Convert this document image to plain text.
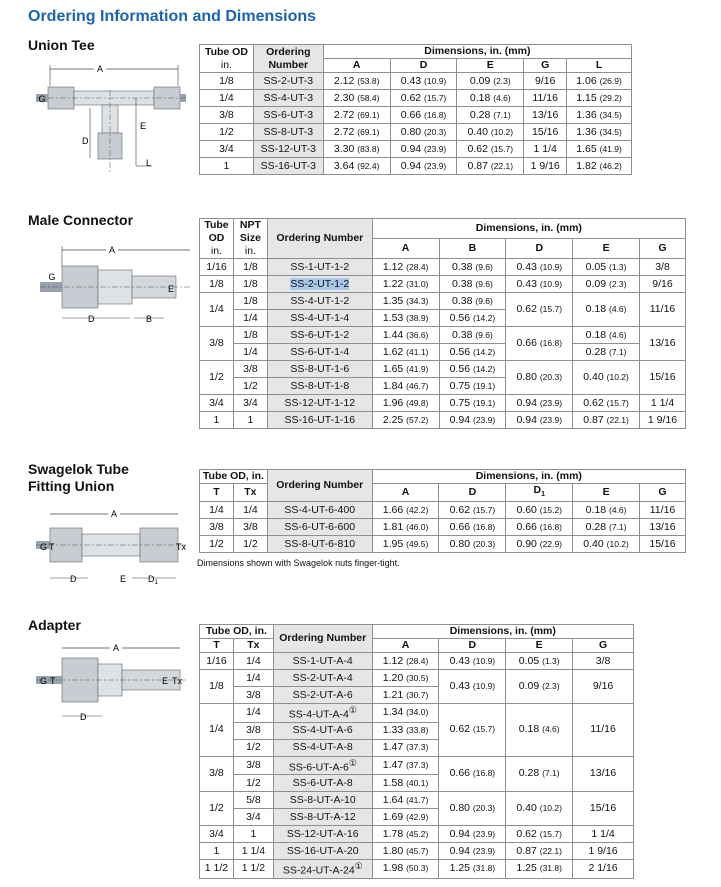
Ordering Information and Dimensions
Union Tee
A
G
E
D
L
Tube OD
in.	Ordering Number	Dimensions, in. (mm)				
		A	D	E	G	L
1/8	SS-2-UT-3	2.12 (53.8)	0.43 (10.9)	0.09 (2.3)	9/16	1.06 (26.9)
1/4	SS-4-UT-3	2.30 (58.4)	0.62 (15.7)	0.18 (4.6)	11/16	1.15 (29.2)
3/8	SS-6-UT-3	2.72 (69.1)	0.66 (16.8)	0.28 (7.1)	13/16	1.36 (34.5)
1/2	SS-8-UT-3	2.72 (69.1)	0.80 (20.3)	0.40 (10.2)	15/16	1.36 (34.5)
3/4	SS-12-UT-3	3.30 (83.8)	0.94 (23.9)	0.62 (15.7)	1 1/4	1.65 (41.9)
1	SS-16-UT-3	3.64 (92.4)	0.94 (23.9)	0.87 (22.1)	1 9/16	1.82 (46.2)
Male Connector
A
G
E
D	B
Tube OD
in.	NPT Size
in.	Ordering Number	Dimensions, in. (mm)				
			A	B	D	E	G
1/16	1/8	SS-1-UT-1-2	1.12 (28.4)	0.38 (9.6)	0.43 (10.9)	0.05 (1.3)	3/8
1/8	1/8	SS-2-UT-1-2	1.22 (31.0)	0.38 (9.6)	0.43 (10.9)	0.09 (2.3)	9/16
1/4	1/8	SS-4-UT-1-2	1.35 (34.3)	0.38 (9.6)	0.62 (15.7)	0.18 (4.6)	11/16
	1/4	SS-4-UT-1-4	1.53 (38.9)	0.56 (14.2)			
3/8	1/8	SS-6-UT-1-2	1.44 (36.6)	0.38 (9.6)	0.66 (16.8)	0.18 (4.6)	13/16
	1/4	SS-6-UT-1-4	1.62 (41.1)	0.56 (14.2)		0.28 (7.1)	
1/2	3/8	SS-8-UT-1-6	1.65 (41.9)	0.56 (14.2)	0.80 (20.3)	0.40 (10.2)	15/16
	1/2	SS-8-UT-1-8	1.84 (46.7)	0.75 (19.1)			
3/4	3/4	SS-12-UT-1-12	1.96 (49.8)	0.75 (19.1)	0.94 (23.9)	0.62 (15.7)	1 1/4
1	1	SS-16-UT-1-16	2.25 (57.2)	0.94 (23.9)	0.94 (23.9)	0.87 (22.1)	1 9/16
Swagelok Tube Fitting Union
A
G T	Tx
D	E $D_1$
Tube OD, in.		Ordering Number	Dimensions, in. (mm)				
T	Tx		A	D	$D_1$	E	G
1/4	1/4	SS-4-UT-6-400	1.66 (42.2)	0.62 (15.7)	0.60 (15.2)	0.18 (4.6)	11/16
3/8	3/8	SS-6-UT-6-600	1.81 (46.0)	0.66 (16.8)	0.66 (16.8)	0.28 (7.1)	13/16
1/2	1/2	SS-8-UT-6-810	1.95 (49.5)	0.80 (20.3)	0.90 (22.9)	0.40 (10.2)	15/16
Dimensions shown with Swagelok nuts finger-tight.
Adapter
A
G T	E Tx
D
Tube OD, in.		Ordering Number	Dimensions, in. (mm)			
T	Tx		A	D	E	G
1/16	1/4	SS-1-UT-A-4	1.12 (28.4)	0.43 (10.9)	0.05 (1.3)	3/8
1/8	1/4	SS-2-UT-A-4	1.20 (30.5)	0.43 (10.9)	0.09 (2.3)	9/16
	3/8	SS-2-UT-A-6	1.21 (30.7)			
1/4	1/4	SS-4-UT-A-4①	1.34 (34.0)	0.62 (15.7)	0.18 (4.6)	11/16
	3/8	SS-4-UT-A-6	1.33 (33.8)			
	1/2	SS-4-UT-A-8	1.47 (37.3)			
3/8	3/8	SS-6-UT-A-6①	1.47 (37.3)	0.66 (16.8)	0.28 (7.1)	13/16
	1/2	SS-6-UT-A-8	1.58 (40.1)			
1/2	5/8	SS-8-UT-A-10	1.64 (41.7)	0.80 (20.3)	0.40 (10.2)	15/16
	3/4	SS-8-UT-A-12	1.69 (42.9)			
3/4	1	SS-12-UT-A-16	1.78 (45.2)	0.94 (23.9)	0.62 (15.7)	1 1/4
1	1 1/4	SS-16-UT-A-20	1.80 (45.7)	0.94 (23.9)	0.87 (22.1)	1 9/16
1 1/2	1 1/2	SS-24-UT-A-24①	1.98 (50.3)	1.25 (31.8)	1.25 (31.8)	2 1/16
